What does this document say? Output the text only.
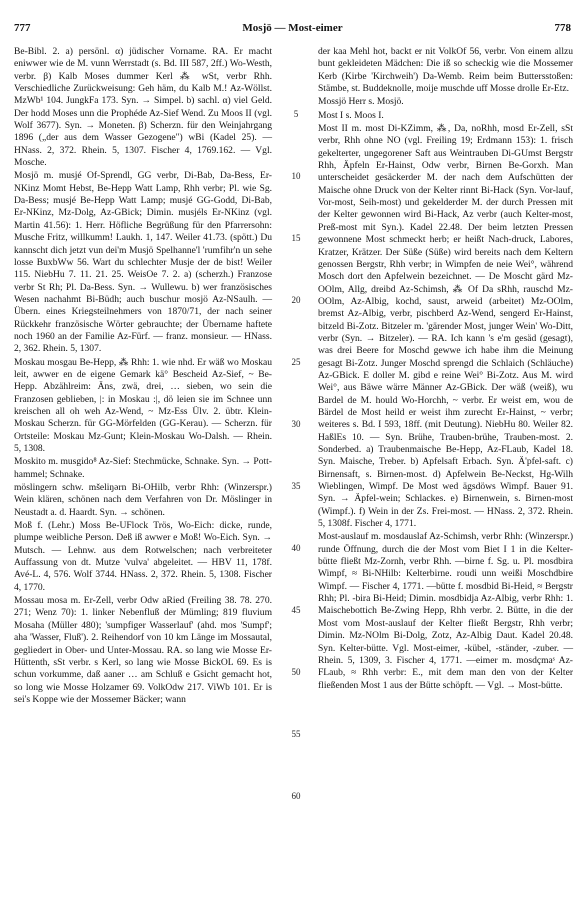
777	Mosjö — Most-eimer	778

Be-Bibl. 2. a) persönl. α) jüdischer Vorname. RA. Er macht eniwwer wie de M. vunn Werrstadt (s. Bd. III 587, 2ff.) Wo-Westh, verbr. β) Kalb Moses dummer Kerl ⁂ wSt, verbr Rhh. Verschiedliche Zurückweisung: Geh häm, du Kalb M.! Az-Wöllst. MzWb¹ 104. JungkFa 173. Syn. → Simpel. b) sachl. α) viel Geld. Der hodd Moses unn die Prophéde Az-Sief Wend. Zu Moos II (vgl. Wolf 3677). Syn. → Moneten. β) Scherzn. für den Weinjahrgang 1896 („der aus dem Wasser Gezogene") wBi (Kadel 25). — HNass. 2, 372. Rhein. 5, 1307. Fischer 4, 1769.162. — Vgl. Mosche.

Mosjö m. musjé Of-Sprendl, GG verbr, Di-Bab, Da-Bess, Er-NKinz Momt Hebst, Be-Hepp Watt Lamp, Rhh verbr; Pl. wie Sg. Da-Bess; musjé Be-Hepp Watt Lamp; musjé GG-Godd, Di-Bab, Er-NKinz, Mz-Dolg, Az-GBick; Dimin. musjéls Er-NKinz (vgl. Martin 41.56): 1. Herr. Höfliche Begrüßung für den Pfarrersohn: Musche Fritz, willkumm! Laukh. 1, 147. Weiler 41.73. (spött.) Du kannscht dich jetzt vun dei'm Musjö Spelhanne'l 'rumfihr'n un sehe losse BuxbWw 56. Wart du schlechter Musje der de bist! Weiler 115. NiebHu 7. 11. 21. 25. WeisOe 7. 2. a) (scherzh.) Franzose verbr St Rh; Pl. Da-Bess. Syn. → Wullewu. b) wer französisches Wesen nachahmt Bi-Büdh; auch buschur mosjö Az-NSaulh. — Übern. eines Kriegsteilnehmers von 1870/71, der nach seiner Rückkehr französische Wörter gebrauchte; der Übername haftete noch 1960 an der Familie Az-Fürf. — franz. monsieur. — HNass. 2, 362. Rhein. 5, 1307.

Moskau mosgau Be-Hepp, ⁂ Rhh: 1. wie nhd. Er wäß wo Moskau leit, awwer en de eigene Gemark kä° Bescheid Az-Sief, ~ Be-Hepp. Abzählreim: Äns, zwä, drei, … sieben, wo sein die Franzosen geblieben, |: in Moskau :|, dö leien sie im Schnee unn kreischen all oh weh Az-Wend, ~ Mz-Ess Ülv. 2. übtr. Klein-Moskau Scherzn. für GG-Mörfelden (GG-Kerau). — Scherzn. für Ortsteile: Moskau Mz-Gunt; Klein-Moskau Wo-Dalsh. — Rhein. 5, 1308.

Moskito m. musgido⁸ Az-Sief: Stechmücke, Schnake. Syn. → Pott-hammel; Schnake.

möslingern schw. mšeliŋərn Bi-OHilb, verbr Rhh: (Winzerspr.) Wein klären, schönen nach dem Verfahren von Dr. Möslinger in Neustadt a. d. Haardt. Syn. → schönen.

Moß f. (Lehr.) Moss Be-UFlock Trös, Wo-Eich: dicke, runde, plumpe weibliche Person. Deß iß awwer e Moß! Wo-Eich. Syn. → Mutsch. — Lehnw. aus dem Rotwelschen; nach verbreiteter Auffassung von dt. Mutze 'vulva' abgeleitet. — HBV 11, 178f. Avé-L. 4, 576. Wolf 3744. HNass. 2, 372. Rhein. 5, 1308. Fischer 4, 1770.

Mossau mosa m. Er-Zell, verbr Odw aRied (Freiling 38. 78. 270. 271; Wenz 70): 1. linker Nebenfluß der Mümling; 819 fluvium Mosaha (Müller 480); 'sumpfiger Wasserlauf' (ahd. mos 'Sumpf'; aha 'Wasser, Fluß'). 2. Reihendorf von 10 km Länge im Mossautal, gegliedert in Ober- und Unter-Mossau. RA. so lang wie Mosse Er-Hüttenth, sSt verbr. s Kerl, so lang wie Mosse BickOL 69. Es is schun vorkumme, daß aaner … am Schluß e Gsicht gemacht hot, so long wie Mosse Holzamer 69. VolkOdw 217. ViWb 101. Er is sei's Koppe wie der Mossemer Bäcker; wann

5
10
15
20
25
30
35
40
45
50
55
60

der kaa Mehl hot, backt er nit VolkOf 56, verbr. Von einem allzu bunt gekleideten Mädchen: Die iß so scheckig wie die Mossemer Kerb (Kirbe 'Kirchweih') Da-Wemb. Reim beim Buttersstoßen: Stämbe, st. Buddeknolle, moije muschde uff Mosse drolle Er-Etz.

Mossjö Herr s. Mosjö.

Most I s. Moos I.

Most II m. most Di-KZimm, ⁂, Da, noRhh, mosd Er-Zell, sSt verbr, Rhh ohne NO (vgl. Freiling 19; Erdmann 153): 1. frisch gekelterter, ungegorener Saft aus Weintrauben Di-GUmst Bergstr Rhh, Äpfeln Er-Hainst, Odw verbr, Birnen Be-Gorxh. Man unterscheidet gesäckerder M. der nach dem Aufschütten der Maische ohne Druck von der Kelter rinnt Bi-Hack (Syn. Vor-lauf, Vor-most, Seih-most) und gekelderder M. der durch Pressen mit der Kelter gewonnen wird Bi-Hack, Az verbr (auch Kelter-most, Preß-most mit Syn.). Kadel 22.48. Der beim letzten Pressen gewonnene Most schmeckt herb; er heißt Nach-druck, Labores, Kratzer, Krätzer. Der Süße (Süße) wird bereits nach dem Keltern genossen Bergstr, Rhh verbr; in Wimpfen de neie Wei°, während Mosch dort den Apfelwein bezeichnet. — De Moscht gärd Mz-OOlm, Allg, dreibd Az-Schimsh, ⁂ Of Da sRhh, rauschd Mz-OOlm, Az-Albig, kochd, saust, arweid (arbeitet) Mz-OOlm, bremst Az-Albig, verbr, pischberd Az-Wend, sengerd Er-Hainst, bitzeld Bi-Zotz. Bitzeler m. 'gärender Most, junger Wein' Wo-Ditt, verbr (Syn. → Bitzeler). — RA. Ich kann 's e'm gesäd (gesagt), was drei Beere for Moschd gewwe ich habe ihm die Meinung gesagt Bi-Zotz. Junger Moschd sprengd die Schlaich (Schläuche) Az-GBick. E doller M. gibd e reine Wei° Bi-Zotz. Aus M. wird Wei°, aus Bäwe wärre Männer Az-GBick. Der wäß (weiß), wu Bardel de M. hould Wo-Horchh, ~ verbr. Er weist em, wou de Bärdel de Most heild er weist ihm zurecht Er-Hainst, ~ verbr; weiteres s. Bd. I 593, 18ff. (mit Deutung). NiebHu 80. Weiler 82. HaßlEs 10. — Syn. Brühe, Trauben-brühe, Trauben-most. 2. Sonderbed. a) Traubenmaische Be-Hepp, Az-FLaub, Kadel 18. Syn. Maische, Treber. b) Apfelsaft Erbach. Syn. Ä'pfel-saft. c) Birnensaft, s. Birnen-most. d) Apfelwein Be-Neckst, Hg-Wilh Wieblingen, Wimpf. De Most wed ägsdöws Wimpf. Bauer 91. Syn. → Äpfel-wein; Schlackes. e) Birnenwein, s. Birnen-most (Wimpf.). f) Wein in der Zs. Frei-most. — HNass. 2, 372. Rhein. 5, 1308f. Fischer 4, 1771.

Most-auslauf m. mosdauslaf Az-Schimsh, verbr Rhh: (Winzerspr.) runde Öffnung, durch die der Most vom Biet I 1 in die Kelter-bütte fließt Mz-Zornh, verbr Rhh. —birne f. Sg. u. Pl. mosdbira Wimpf, ≈ Bi-NHilb: Kelterbirne. roudi unn weißi Moschdbire Wimpf. — Fischer 4, 1771. —bütte f. mosdbid Bi-Heid, ≈ Bergstr Rhh; Pl. -bira Bi-Heid; Dimin. mosdbidja Az-Albig, verbr Rhh: 1. Maischebottich Be-Zwing Hepp, Rhh verbr. 2. Bütte, in die der Most vom Most-auslauf der Kelter fließt Bergstr, Rhh verbr; Dimin. Mz-NOlm Bi-Dolg, Zotz, Az-Albig Daut. Kadel 20.48. Syn. Kelter-bütte. Vgl. Most-eimer, -kübel, -ständer, -zuber. — Rhein. 5, 1309, 3. Fischer 4, 1771. —eimer m. mosdçmaˢ Az-FLaub, ≈ Rhh verbr: E., mit dem man den von der Kelter fließenden Most 1 aus der Bütte schöpft. — Vgl. → Most-bütte.
